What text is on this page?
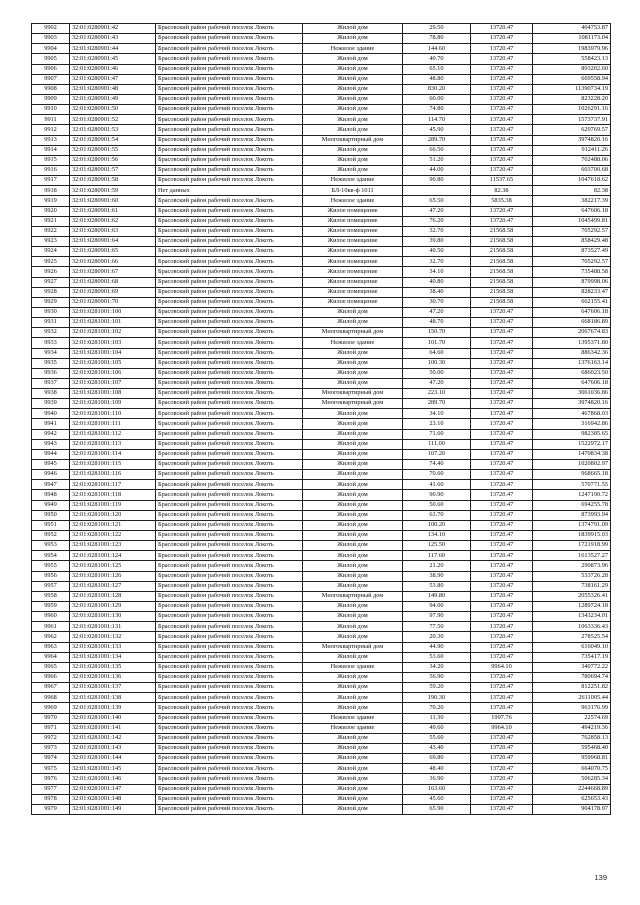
9902	32:01:0280901:42	Брасовский район рабочий поселок Локоть	Жилой дом	29.50	13720.47	404753.87
9903	32:01:0280901:43	Брасовский район рабочий поселок Локоть	Жилой дом	78.80	13720.47	1081173.04
9904	32:01:0280901:44	Брасовский район рабочий поселок Локоть	Нежилое здание	144.60	13720.47	1983979.96
9905	32:01:0280901:45	Брасовский район рабочий поселок Локоть	Жилой дом	40.70	13720.47	558423.13
9906	32:01:0280901:46	Брасовский район рабочий поселок Локоть	Жилой дом	65.10	13720.47	893202.60
9907	32:01:0280901:47	Брасовский район рабочий поселок Локоть	Жилой дом	48.80	13720.47	669558.94
9908	32:01:0280901:48	Брасовский район рабочий поселок Локоть	Жилой дом	830.20	13720.47	11390734.19
9909	32:01:0280901:49	Брасовский район рабочий поселок Локоть	Жилой дом	60.00	13720.47	823228.20
9910	32:01:0280901:50	Брасовский район рабочий поселок Локоть	Жилой дом	74.80	13720.47	1026291.16
9911	32:01:0280901:52	Брасовский район рабочий поселок Локоть	Жилой дом	114.70	13720.47	1573737.91
9912	32:01:0280901:53	Брасовский район рабочий поселок Локоть	Жилой дом	45.90	13720.47	629769.57
9913	32:01:0280901:54	Брасовский район рабочий поселок Локоть	Многоквартирный дом	289.70	13720.47	3974820.16
9914	32:01:0280901:55	Брасовский район рабочий поселок Локоть	Жилой дом	66.50	13720.47	912411.26
9915	32:01:0280901:56	Брасовский район рабочий поселок Локоть	Жилой дом	51.20	13720.47	702488.06
9916	32:01:0280901:57	Брасовский район рабочий поселок Локоть	Жилой дом	44.00	13720.47	603700.68
9917	32:01:0280901:58	Брасовский район рабочий поселок Локоть	Нежилое здание	90.80	11537.65	1047618.62
9918	32:01:0280901:59	Нет данных	БЛ-10кв-ф 1011		82.38	82.38
9919	32:01:0280901:60	Брасовский район рабочий поселок Локоть	Нежилое здание	65.50	5835.38	382217.39
9920	32:01:0280901:61	Брасовский район рабочий поселок Локоть	Жилое помещение	47.20	13720.47	647606.18
9921	32:01:0280901:62	Брасовский район рабочий поселок Локоть	Жилое помещение	76.20	13720.47	1045499.81
9922	32:01:0280901:63	Брасовский район рабочий поселок Локоть	Жилое помещение	32.70	21568.58	705292.57
9923	32:01:0280901:64	Брасовский район рабочий поселок Локоть	Жилое помещение	39.80	21568.58	858429.48
9924	32:01:0280901:65	Брасовский район рабочий поселок Локоть	Жилое помещение	40.50	21568.58	873527.49
9925	32:01:0280901:66	Брасовский район рабочий поселок Локоть	Жилое помещение	32.70	21568.58	705292.57
9926	32:01:0280901:67	Брасовский район рабочий поселок Локоть	Жилое помещение	34.10	21568.58	735488.58
9927	32:01:0280901:68	Брасовский район рабочий поселок Локоть	Жилое помещение	40.80	21568.58	879998.06
9928	32:01:0280901:69	Брасовский район рабочий поселок Локоть	Жилое помещение	38.40	21568.58	828233.47
9929	32:01:0280901:70	Брасовский район рабочий поселок Локоть	Жилое помещение	30.70	21568.58	662155.41
9930	32:01:0281001:100	Брасовский район рабочий поселок Локоть	Жилой дом	47.20	13720.47	647606.18
9931	32:01:0281001:101	Брасовский район рабочий поселок Локоть	Жилой дом	48.70	13720.47	668186.89
9932	32:01:0281001:102	Брасовский район рабочий поселок Локоть	Многоквартирный дом	150.70	13720.47	2067674.83
9933	32:01:0281001:103	Брасовский район рабочий поселок Локоть	Нежилое здание	101.70	13720.47	1395371.80
9934	32:01:0281001:104	Брасовский район рабочий поселок Локоть	Жилой дом	64.60	13720.47	886342.36
9935	32:01:0281001:105	Брасовский район рабочий поселок Локоть	Жилой дом	100.30	13720.47	1376163.14
9936	32:01:0281001:106	Брасовский район рабочий поселок Локоть	Жилой дом	50.00	13720.47	686023.50
9937	32:01:0281001:107	Брасовский район рабочий поселок Локоть	Жилой дом	47.20	13720.47	647606.18
9938	32:01:0281001:108	Брасовский район рабочий поселок Локоть	Многоквартирный дом	223.10	13720.47	3061036.86
9939	32:01:0281001:109	Брасовский район рабочий поселок Локоть	Многоквартирный дом	289.70	13720.47	3974820.16
9940	32:01:0281001:110	Брасовский район рабочий поселок Локоть	Жилой дом	34.10	13720.47	467868.03
9941	32:01:0281001:111	Брасовский район рабочий поселок Локоть	Жилой дом	23.10	13720.47	316942.86
9942	32:01:0281001:112	Брасовский район рабочий поселок Локоть	Жилой дом	71.60	13720.47	982385.65
9943	32:01:0281001:113	Брасовский район рабочий поселок Локоть	Жилой дом	111.00	13720.47	1522972.17
9944	32:01:0281001:114	Брасовский район рабочий поселок Локоть	Жилой дом	107.20	13720.47	1470834.38
9945	32:01:0281001:115	Брасовский район рабочий поселок Локоть	Жилой дом	74.40	13720.47	1020802.97
9946	32:01:0281001:116	Брасовский район рабочий поселок Локоть	Жилой дом	70.60	13720.47	968665.18
9947	32:01:0281001:117	Брасовский район рабочий поселок Локоть	Жилой дом	41.60	13720.47	570771.55
9948	32:01:0281001:118	Брасовский район рабочий поселок Локоть	Жилой дом	90.90	13720.47	1247190.72
9949	32:01:0281001:119	Брасовский район рабочий поселок Локоть	Жилой дом	50.60	13720.47	694255.78
9950	32:01:0281001:120	Брасовский район рабочий поселок Локоть	Жилой дом	63.70	13720.47	873993.94
9951	32:01:0281001:121	Брасовский район рабочий поселок Локоть	Жилой дом	100.20	13720.47	1374791.09
9952	32:01:0281001:122	Брасовский район рабочий поселок Локоть	Жилой дом	134.10	13720.47	1839915.03
9953	32:01:0281001:123	Брасовский район рабочий поселок Локоть	Жилой дом	125.50	13720.47	1721918.99
9954	32:01:0281001:124	Брасовский район рабочий поселок Локоть	Жилой дом	117.60	13720.47	1613527.27
9955	32:01:0281001:125	Брасовский район рабочий поселок Локоть	Жилой дом	21.20	13720.47	290873.96
9956	32:01:0281001:126	Брасовский район рабочий поселок Локоть	Жилой дом	38.90	13720.47	533726.28
9957	32:01:0281001:127	Брасовский район рабочий поселок Локоть	Жилой дом	53.80	13720.47	738161.29
9958	32:01:0281001:128	Брасовский район рабочий поселок Локоть	Многоквартирный дом	149.80	13720.47	2055326.41
9959	32:01:0281001:129	Брасовский район рабочий поселок Локоть	Жилой дом	94.00	13720.47	1289724.18
9960	32:01:0281001:130	Брасовский район рабочий поселок Локоть	Жилой дом	97.90	13720.47	1343234.01
9961	32:01:0281001:131	Брасовский район рабочий поселок Локоть	Жилой дом	77.50	13720.47	1063336.43
9962	32:01:0281001:132	Брасовский район рабочий поселок Локоть	Жилой дом	20.30	13720.47	278525.54
9963	32:01:0281001:133	Брасовский район рабочий поселок Локоть	Многоквартирный дом	44.90	13720.47	616049.10
9964	32:01:0281001:134	Брасовский район рабочий поселок Локоть	Жилой дом	53.60	13720.47	735417.19
9965	32:01:0281001:135	Брасовский район рабочий поселок Локоть	Нежилое здание	34.20	9964.10	340772.22
9966	32:01:0281001:136	Брасовский район рабочий поселок Локоть	Жилой дом	56.90	13720.47	780694.74
9967	32:01:0281001:137	Брасовский район рабочий поселок Локоть	Жилой дом	59.20	13720.47	812251.82
9968	32:01:0281001:138	Брасовский район рабочий поселок Локоть	Жилой дом	190.30	13720.47	2611005.44
9969	32:01:0281001:139	Брасовский район рабочий поселок Локоть	Жилой дом	70.20	13720.47	963176.99
9970	32:01:0281001:140	Брасовский район рабочий поселок Локоть	Нежилое здание	11.30	1997.76	22574.69
9971	32:01:0281001:141	Брасовский район рабочий поселок Локоть	Нежилое здание	49.60	9964.10	494219.36
9972	32:01:0281001:142	Брасовский район рабочий поселок Локоть	Жилой дом	55.60	13720.47	762858.13
9973	32:01:0281001:143	Брасовский район рабочий поселок Локоть	Жилой дом	43.40	13720.47	595468.40
9974	32:01:0281001:144	Брасовский район рабочий поселок Локоть	Жилой дом	69.80	13720.47	959968.81
9975	32:01:0281001:145	Брасовский район рабочий поселок Локоть	Жилой дом	48.40	13720.47	664070.75
9976	32:01:0281001:146	Брасовский район рабочий поселок Локоть	Жилой дом	36.90	13720.47	506285.34
9977	32:01:0281001:147	Брасовский район рабочий поселок Локоть	Жилой дом	163.60	13720.47	2244668.89
9978	32:01:0281001:148	Брасовский район рабочий поселок Локоть	Жилой дом	45.60	13720.47	625653.43
9979	32:01:0281001:149	Брасовский район рабочий поселок Локоть	Жилой дом	65.90	13720.47	904178.97
139
